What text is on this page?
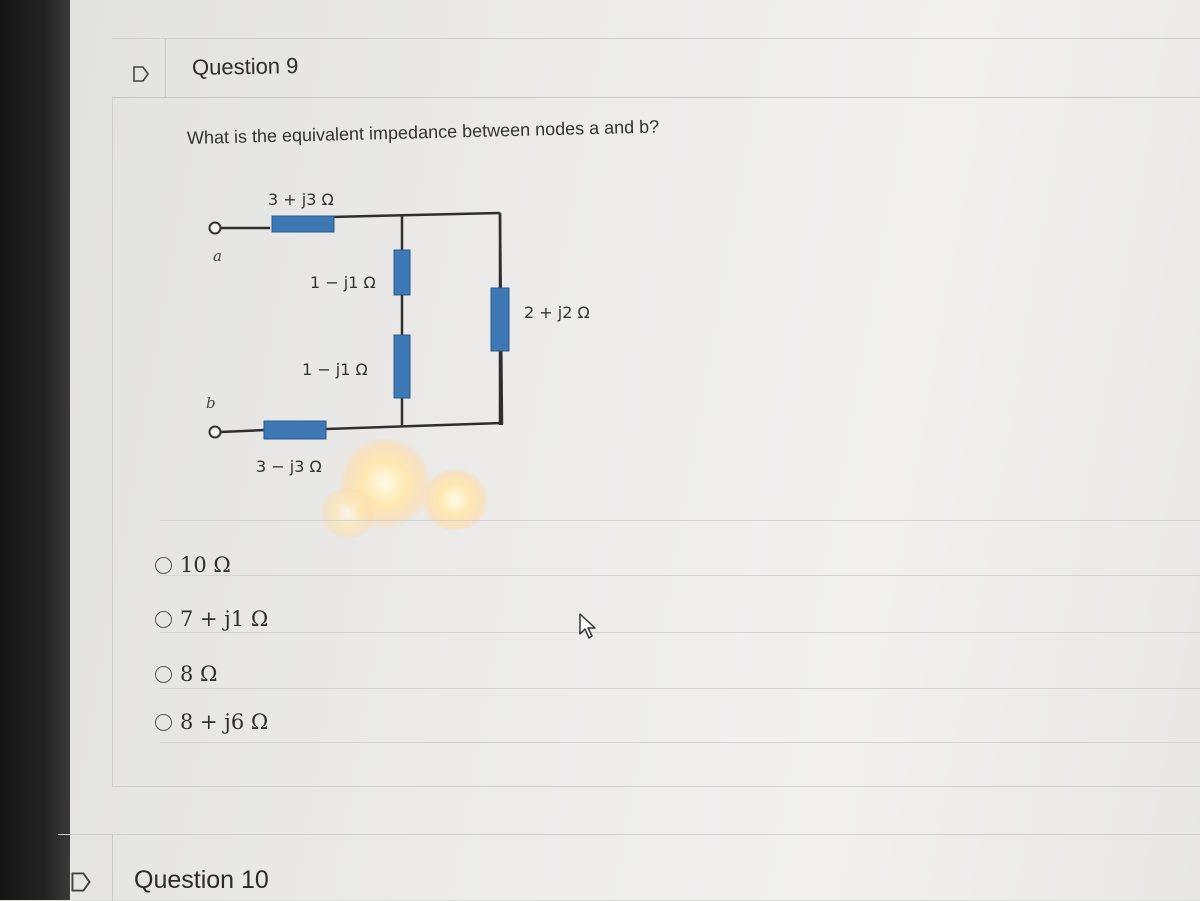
Question 9
What is the equivalent impedance between nodes a and b?
3 + j3 Ω
1 − j1 Ω
1 − j1 Ω
2 + j2 Ω
3 − j3 Ω
a
b
10 Ω
7 + j1 Ω
8 Ω
8 + j6 Ω
Question 10
